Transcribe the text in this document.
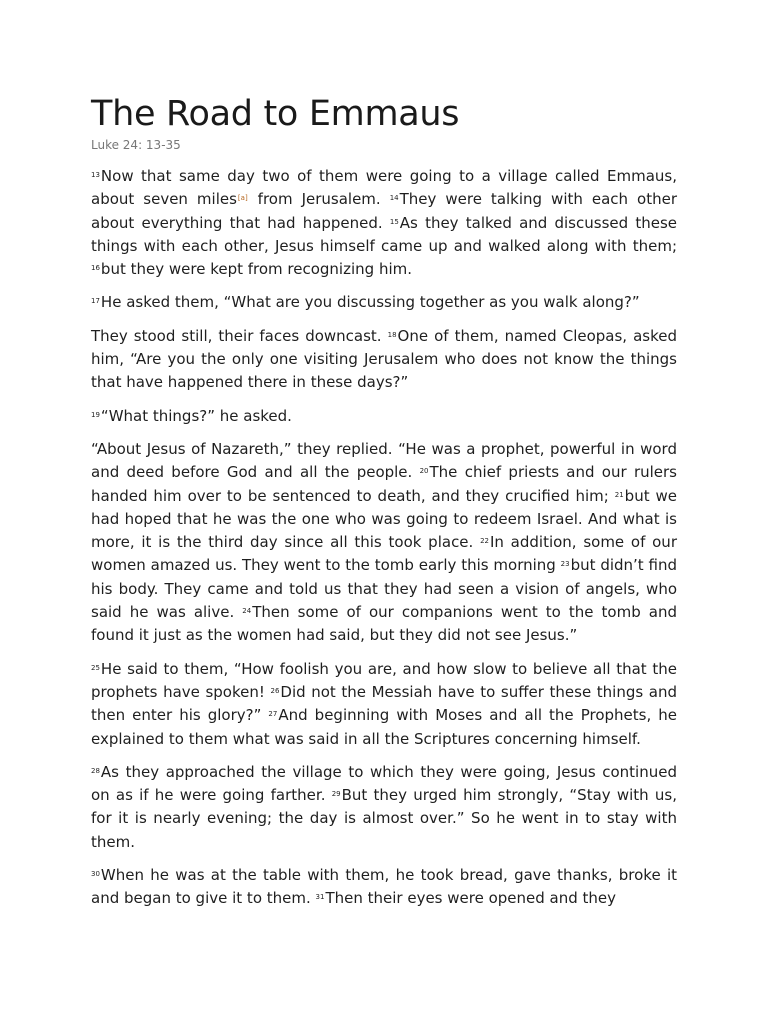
The Road to Emmaus
Luke 24: 13-35

$^{13}$Now that same day two of them were going to a village called Emmaus, about seven miles[a] from Jerusalem. $^{14}$They were talking with each other about everything that had happened. $^{15}$As they talked and discussed these things with each other, Jesus himself came up and walked along with them; $^{16}$but they were kept from recognizing him.

$^{17}$He asked them, “What are you discussing together as you walk along?”

They stood still, their faces downcast. $^{18}$One of them, named Cleopas, asked him, “Are you the only one visiting Jerusalem who does not know the things that have happened there in these days?”

$^{19}$“What things?” he asked.

“About Jesus of Nazareth,” they replied. “He was a prophet, powerful in word and deed before God and all the people. $^{20}$The chief priests and our rulers handed him over to be sentenced to death, and they crucified him; $^{21}$but we had hoped that he was the one who was going to redeem Israel. And what is more, it is the third day since all this took place. $^{22}$In addition, some of our women amazed us. They went to the tomb early this morning $^{23}$but didn’t find his body. They came and told us that they had seen a vision of angels, who said he was alive. $^{24}$Then some of our companions went to the tomb and found it just as the women had said, but they did not see Jesus.”

$^{25}$He said to them, “How foolish you are, and how slow to believe all that the prophets have spoken! $^{26}$Did not the Messiah have to suffer these things and then enter his glory?” $^{27}$And beginning with Moses and all the Prophets, he explained to them what was said in all the Scriptures concerning himself.

$^{28}$As they approached the village to which they were going, Jesus continued on as if he were going farther. $^{29}$But they urged him strongly, “Stay with us, for it is nearly evening; the day is almost over.” So he went in to stay with them.

$^{30}$When he was at the table with them, he took bread, gave thanks, broke it and began to give it to them. $^{31}$Then their eyes were opened and they
